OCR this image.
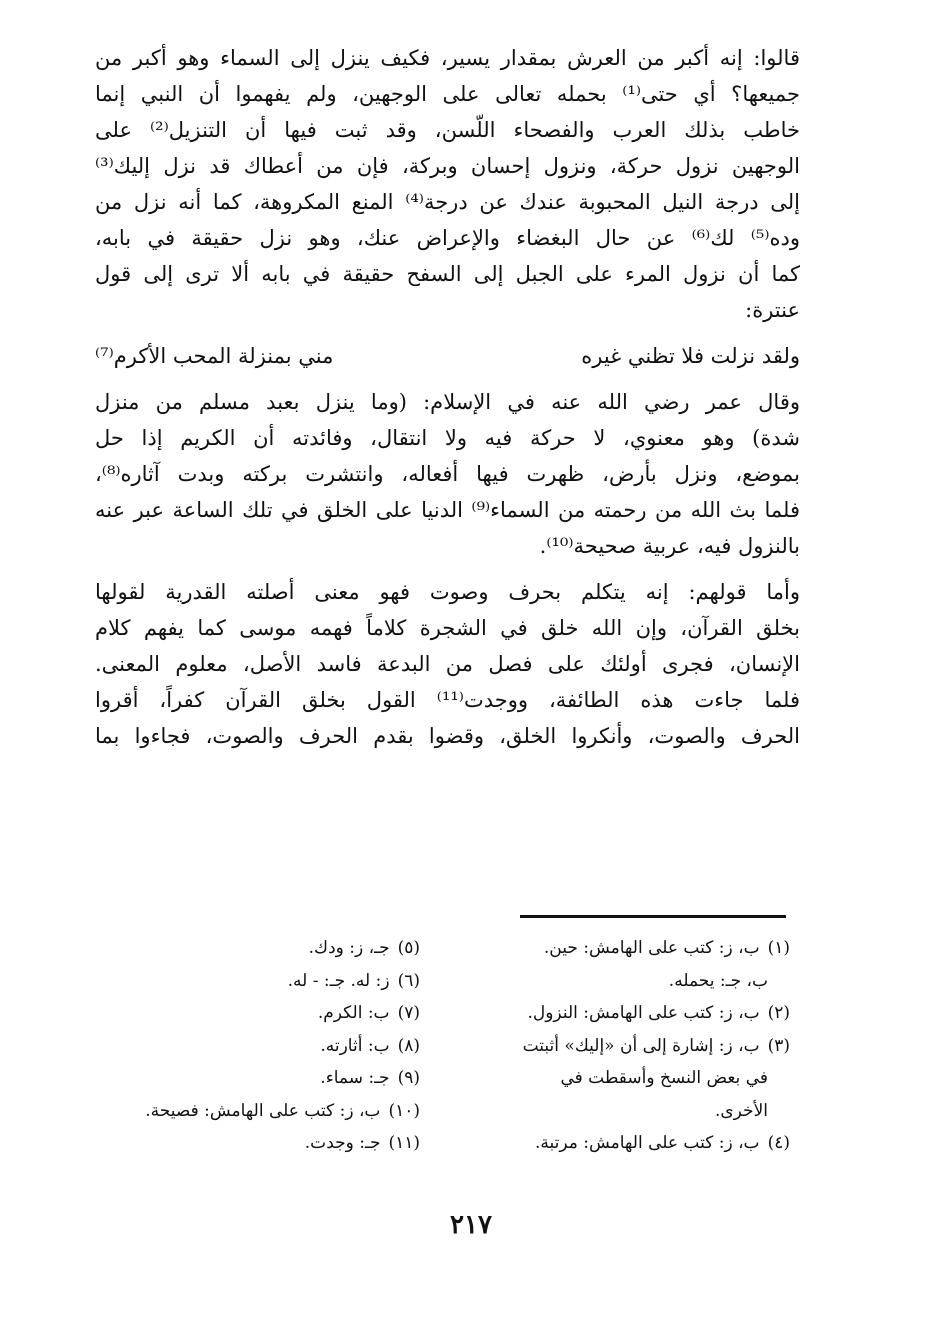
قالوا: إنه أكبر من العرش بمقدار يسير، فكيف ينزل إلى السماء وهو أكبر من
جميعها؟ أي حتى⁽¹⁾ بحمله تعالى على الوجهين، ولم يفهموا أن النبي إنما
خاطب بذلك العرب والفصحاء اللّسن، وقد ثبت فيها أن التنزيل⁽²⁾ على
الوجهين نزول حركة، ونزول إحسان وبركة، فإن من أعطاك قد نزل إليك⁽³⁾
إلى درجة النيل المحبوبة عندك عن درجة⁽⁴⁾ المنع المكروهة، كما أنه نزل من
وده⁽⁵⁾ لك⁽⁶⁾ عن حال البغضاء والإعراض عنك، وهو نزل حقيقة في بابه،
كما أن نزول المرء على الجبل إلى السفح حقيقة في بابه ألا ترى إلى قول
عنترة:
ولقد نزلت فلا تظني غيره
مني بمنزلة المحب الأكرم⁽⁷⁾
وقال عمر رضي الله عنه في الإسلام: (وما ينزل بعبد مسلم من منزل
شدة) وهو معنوي، لا حركة فيه ولا انتقال، وفائدته أن الكريم إذا حل
بموضع، ونزل بأرض، ظهرت فيها أفعاله، وانتشرت بركته وبدت آثاره⁽⁸⁾،
فلما بث الله من رحمته من السماء⁽⁹⁾ الدنيا على الخلق في تلك الساعة عبر عنه
بالنزول فيه، عربية صحيحة⁽¹⁰⁾.
وأما قولهم: إنه يتكلم بحرف وصوت فهو معنى أصلته القدرية لقولها
بخلق القرآن، وإن الله خلق في الشجرة كلاماً فهمه موسى كما يفهم كلام
الإنسان، فجرى أولئك على فصل من البدعة فاسد الأصل، معلوم المعنى.
فلما جاءت هذه الطائفة، ووجدت⁽¹¹⁾ القول بخلق القرآن كفراً، أقروا
الحرف والصوت، وأنكروا الخلق، وقضوا بقدم الحرف والصوت، فجاءوا بما
(١)ب، ز: كتب على الهامش: حين.
ب، جـ: يحمله.
(٢)ب، ز: كتب على الهامش: النزول.
(٣)ب، ز: إشارة إلى أن «إليك» أثبتت
في بعض النسخ وأسقطت في
الأخرى.
(٤)ب، ز: كتب على الهامش: مرتبة.
(٥)جـ، ز: ودك.
(٦)ز: له. جـ: - له.
(٧)ب: الكرم.
(٨)ب: أثارته.
(٩)جـ: سماء.
(١٠)ب، ز: كتب على الهامش: فصيحة.
(١١)جـ: وجدت.
٢١٧
